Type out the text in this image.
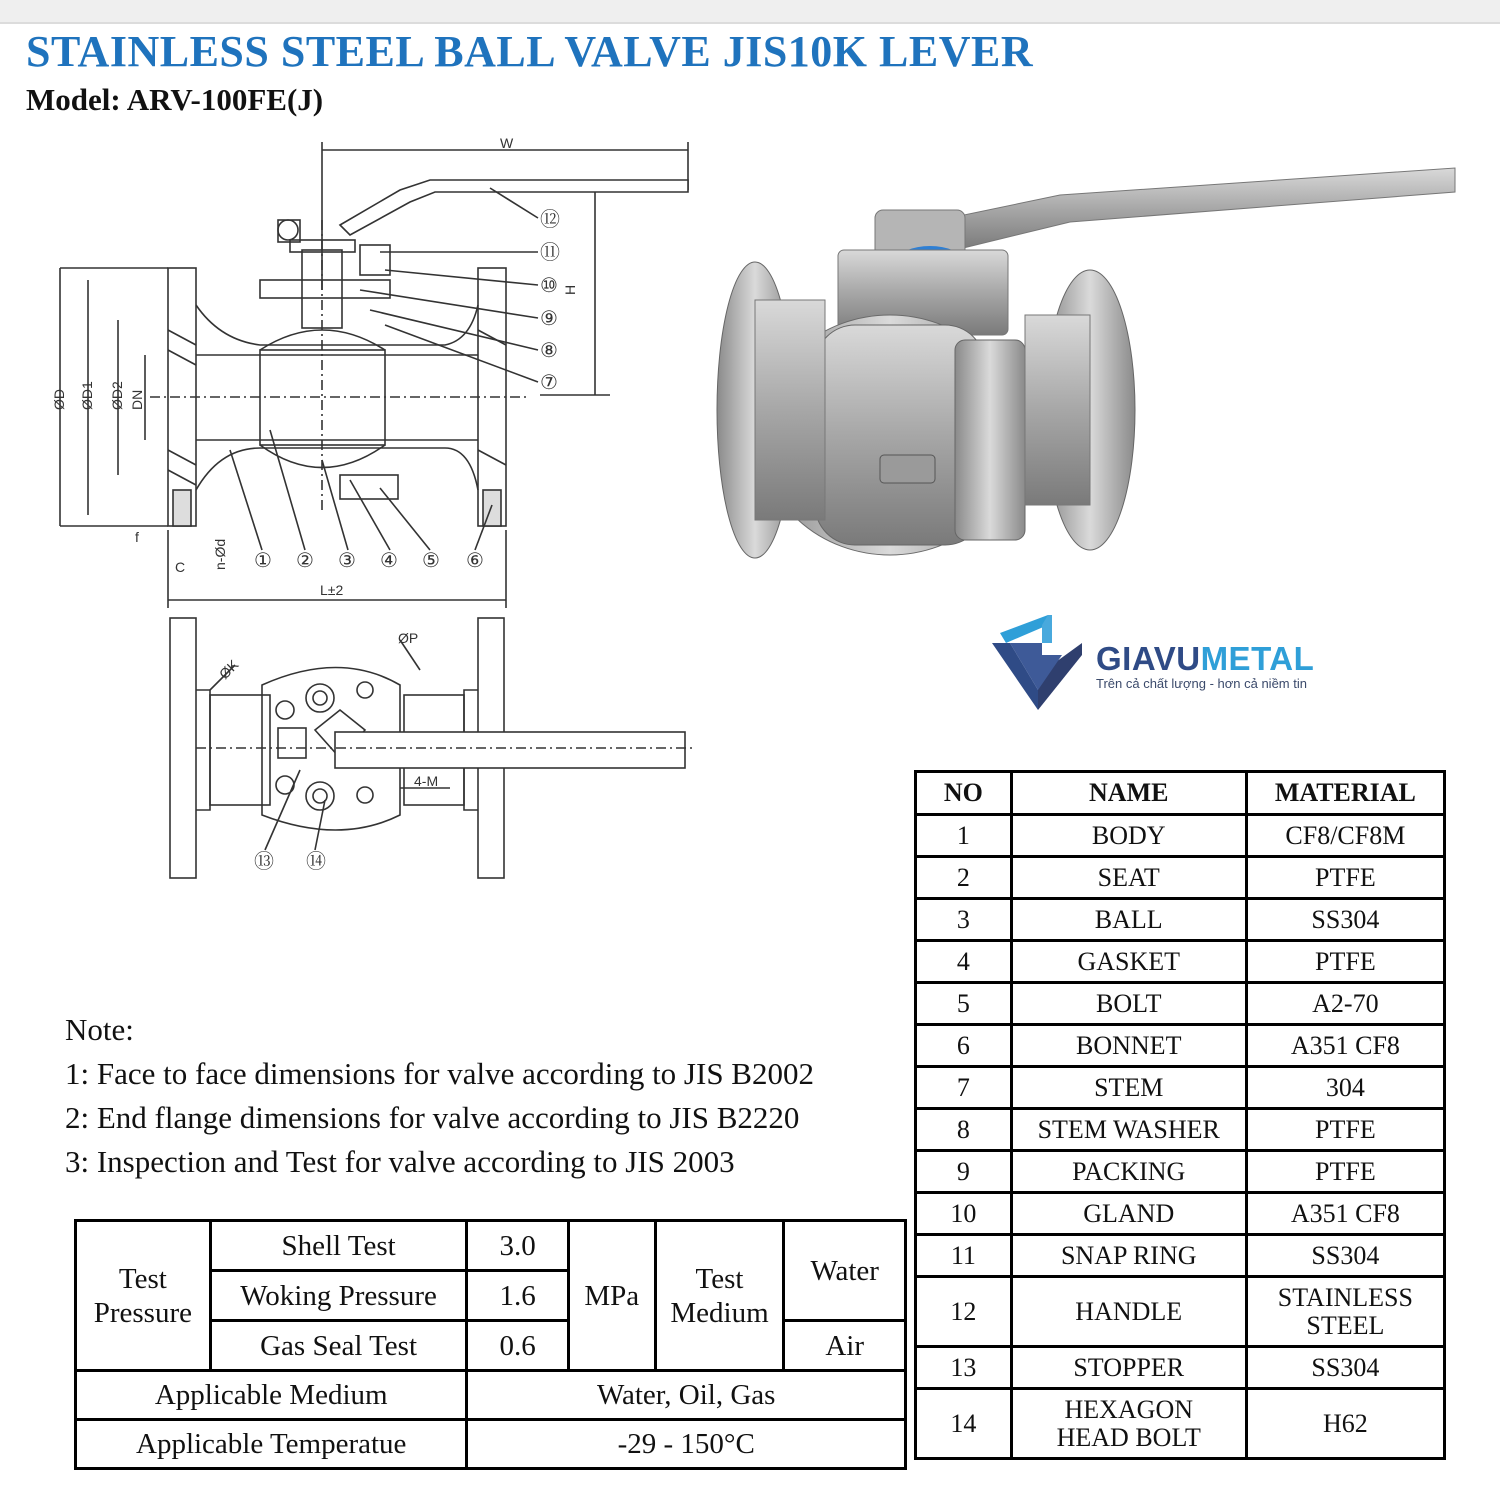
STAINLESS STEEL BALL VALVE JIS10K LEVER
Model: ARV-100FE(J)
W
H
L±2
ØD ØD1 ØD2 DN
f
C n-Ød ① ② ③ ④ ⑤ ⑥
⑦
⑧
⑨
⑩
⑪
⑫
ØK
ØP
4-M
⑬ ⑭
GIAVUMETAL
Trên cả chất lượng - hơn cả niềm tin
Note:
1: Face to face dimensions for valve according to JIS B2002
2: End flange dimensions for valve according to JIS B2220
3: Inspection and Test for valve according to JIS 2003
NO	NAME	MATERIAL
1	BODY	CF8/CF8M
2	SEAT	PTFE
3	BALL	SS304
4	GASKET	PTFE
5	BOLT	A2-70
6	BONNET	A351 CF8
7	STEM	304
8	STEM WASHER	PTFE
9	PACKING	PTFE
10	GLAND	A351 CF8
11	SNAP RING	SS304
12	HANDLE	STAINLESS STEEL
13	STOPPER	SS304
14	HEXAGON HEAD BOLT	H62
Test Pressure	Shell Test	3.0	MPa	Test Medium	Water
	Woking Pressure	1.6			
	Gas Seal Test	0.6			Air
Applicable Medium		Water, Oil, Gas			
Applicable Temperatue		-29 - 150°C			
